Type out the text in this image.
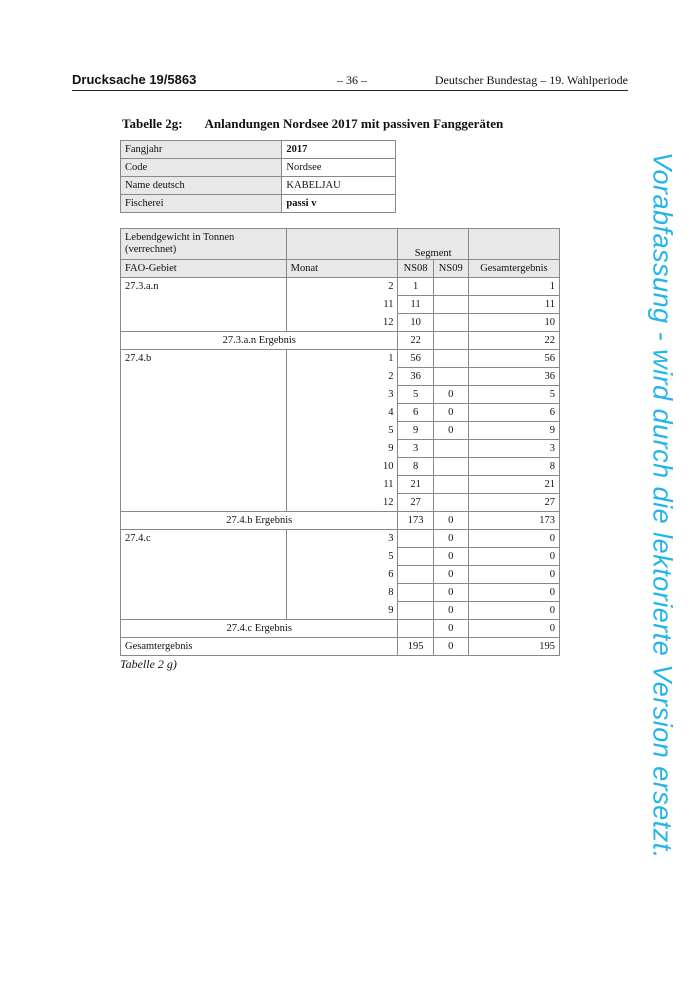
Drucksache 19/5863	– 36 –	Deutscher Bundestag – 19. Wahlperiode
Tabelle 2g: Anlandungen Nordsee 2017 mit passiven Fanggeräten
Fangjahr	2017
Code	Nordsee
Name deutsch	KABELJAU
Fischerei	passi v
Lebendgewicht in Tonnen (verrechnet)		Segment		
FAO-Gebiet	Monat	NS08	NS09	Gesamtergebnis
27.3.a.n	2	1		1
	11	11		11
	12	10		10
27.3.a.n Ergebnis		22		22
27.4.b	1	56		56
	2	36		36
	3	5	0	5
	4	6	0	6
	5	9	0	9
	9	3		3
	10	8		8
	11	21		21
	12	27		27
27.4.b Ergebnis		173	0	173
27.4.c	3		0	0
	5		0	0
	6		0	0
	8		0	0
	9		0	0
27.4.c Ergebnis			0	0
Gesamtergebnis		195	0	195
Tabelle 2 g)	Vorabfassung - wird durch die lektorierte Version ersetzt.
